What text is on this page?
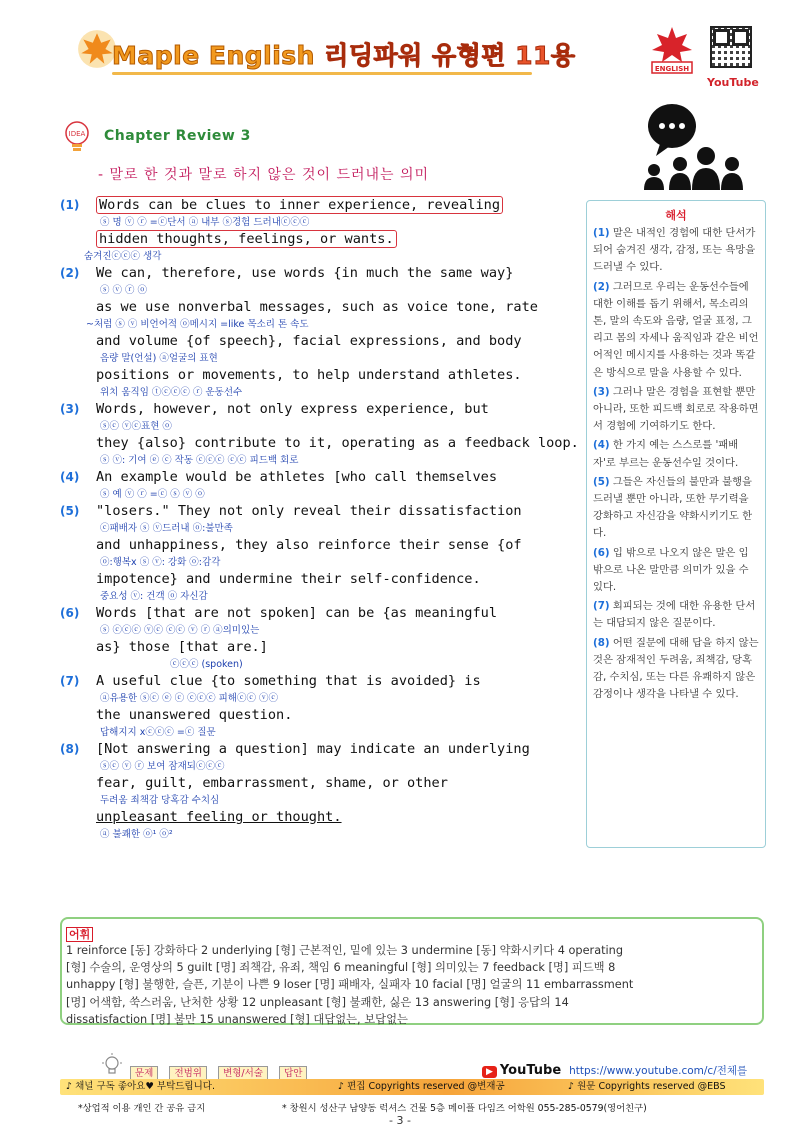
Maple English 리딩파워 유형편 11용	ENGLISH
YouTube
IDEA Chapter Review 3
- 말로 한 것과 말로 하지 않은 것이 드러내는 의미
(1) Words can be clues to inner experience, revealing
ⓢ 명 ⓥ ⓡ =ⓒ단서 ⓐ 내부 ⓢ경험 드러내ⓒⓒⓒ
hidden thoughts, feelings, or wants.
숨겨진ⓒⓒⓒ 생각
(2) We can, therefore, use words {in much the same way}
ⓢ ⓥ ⓡ ⓞ
as we use nonverbal messages, such as voice tone, rate
~처럼 ⓢ ⓥ 비언어적 ⓞ메시지 =like 목소리 톤 속도
and volume {of speech}, facial expressions, and body
음량 말(언설) ⓐ얼굴의 표현
positions or movements, to help understand athletes.
위치 움직임 ⓣⓒⓒⓒ ⓡ 운동선수
(3) Words, however, not only express experience, but
ⓢⓒ ⓥⓒ표현 ⓞ
they {also} contribute to it, operating as a feedback loop.
ⓢ ⓥ: 기여 ⓔ ⓒ 작동 ⓒⓒⓒ ⓒⓒ 피드백 회로
(4) An example would be athletes [who call themselves
ⓢ 예 ⓥ ⓡ =ⓒ ⓢ ⓥ ⓞ
(5) "losers." They not only reveal their dissatisfaction
ⓒ패배자 ⓢ ⓥ드러내 ⓞ:불만족
and unhappiness, they also reinforce their sense {of
ⓞ:행복x ⓢ ⓥ: 강화 ⓞ:감각
impotence} and undermine their self-confidence.
중요성 ⓥ: 건객 ⓞ 자신감
(6) Words [that are not spoken] can be {as meaningful
ⓢ ⓒⓒⓒ ⓥⓒ ⓒⓒ ⓥ ⓡ ⓐ의미있는
as} those [that are.]
ⓒⓒⓒ (spoken)
(7) A useful clue {to something that is avoided} is
ⓐ유용한 ⓢⓒ ⓔ ⓒ ⓒⓒⓒ 피해ⓒⓒ ⓥⓒ
the unanswered question.
답해지지 xⓒⓒⓒ =ⓒ 질문
(8) [Not answering a question] may indicate an underlying
ⓢⓒ ⓥ ⓡ 보여 잠재되ⓒⓒⓒ
fear, guilt, embarrassment, shame, or other
두려움 죄책감 당혹감 수치심
unpleasant feeling or thought.
ⓐ 불쾌한 ⓞ¹ ⓞ²
해석

(1) 말은 내적인 경험에 대한 단서가 되어 숨겨진 생각, 감정, 또는 욕망을 드러낼 수 있다.

(2) 그러므로 우리는 운동선수들에 대한 이해를 돕기 위해서, 목소리의 톤, 말의 속도와 음량, 얼굴 표정, 그리고 몸의 자세나 움직임과 같은 비언어적인 메시지를 사용하는 것과 똑같은 방식으로 말을 사용할 수 있다.

(3) 그러나 말은 경험을 표현할 뿐만 아니라, 또한 피드백 회로로 작용하면서 경험에 기여하기도 한다.

(4) 한 가지 예는 스스로를 '패배자'로 부르는 운동선수일 것이다.

(5) 그들은 자신들의 불만과 불행을 드러낼 뿐만 아니라, 또한 무기력을 강화하고 자신감을 약화시키기도 한다.

(6) 입 밖으로 나오지 않은 말은 입 밖으로 나온 말만큼 의미가 있을 수 있다.

(7) 회피되는 것에 대한 유용한 단서는 대답되지 않은 질문이다.

(8) 어떤 질문에 대해 답을 하지 않는 것은 잠재적인 두려움, 죄책감, 당혹감, 수치심, 또는 다른 유쾌하지 않은 감정이나 생각을 나타낼 수 있다.

어휘
1 reinforce [동] 강화하다 2 underlying [형] 근본적인, 밑에 있는 3 undermine [동] 약화시키다 4 operating
[형] 수술의, 운영상의 5 guilt [명] 죄책감, 유죄, 책임 6 meaningful [형] 의미있는 7 feedback [명] 피드백 8
unhappy [형] 불행한, 슬픈, 기분이 나쁜 9 loser [명] 패배자, 실패자 10 facial [명] 얼굴의 11 embarrassment
[명] 어색함, 쑥스러움, 난처한 상황 12 unpleasant [형] 불쾌한, 싫은 13 answering [형] 응답의 14
dissatisfaction [명] 불만 15 unanswered [형] 대답없는, 보답없는
문제 전범위 변형/서술 답안	▶ YouTube https://www.youtube.com/c/전체를
♪ 채널 구독 좋아요♥ 부탁드립니다.	♪ 편집 Copyrights reserved @변재공	♪ 원문 Copyrights reserved @EBS
*상업적 이용 개인 간 공유 금지	* 창원시 성산구 남양동 럭셔스 건물 5층 메이플 다임즈 어학원 055-285-0579(영어친구)
- 3 -
